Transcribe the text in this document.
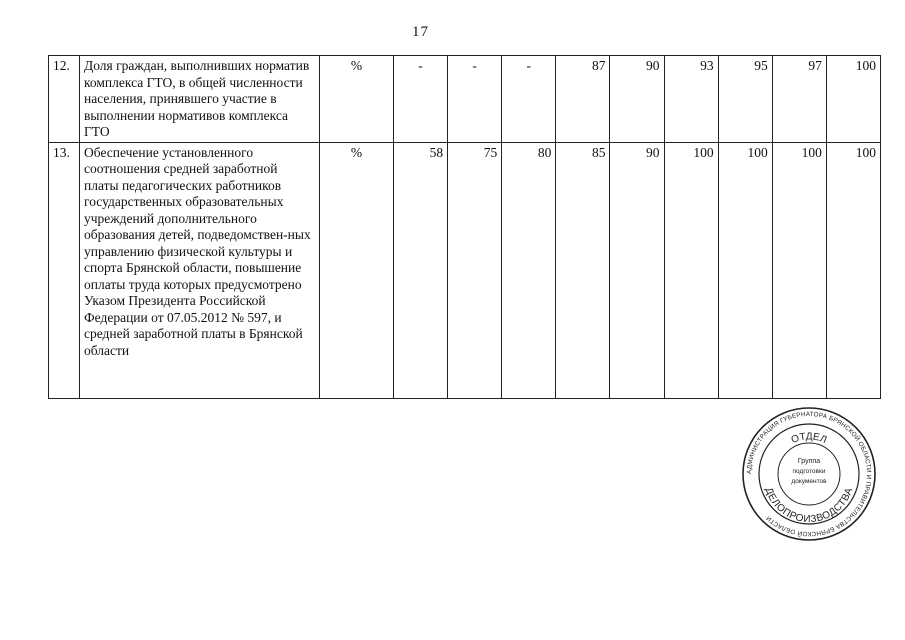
17
12.	Доля граждан, выполнивших норматив комплекса ГТО, в общей численности населения, принявшего участие в выполнении нормативов комплекса ГТО	%	-	-	-	87	90	93	95	97	100
13.	Обеспечение установленного соотношения средней заработной платы педагогических работников государственных образовательных учреждений дополнительного образования детей, подведомствен-ных управлению физической культуры и спорта Брянской области, повышение оплаты труда которых предусмотрено Указом Президента Российской Федерации от 07.05.2012 № 597, и средней заработной платы в Брянской области	%	58	75	80	85	90	100	100	100	100
АДМИНИСТРАЦИЯ ГУБЕРНАТОРА БРЯНСКОЙ ОБЛАСТИ И ПРАВИТЕЛЬСТВА БРЯНСКОЙ ОБЛАСТИ
ОТДЕЛ
ДЕЛОПРОИЗВОДСТВА
Группа
подготовки
документов
